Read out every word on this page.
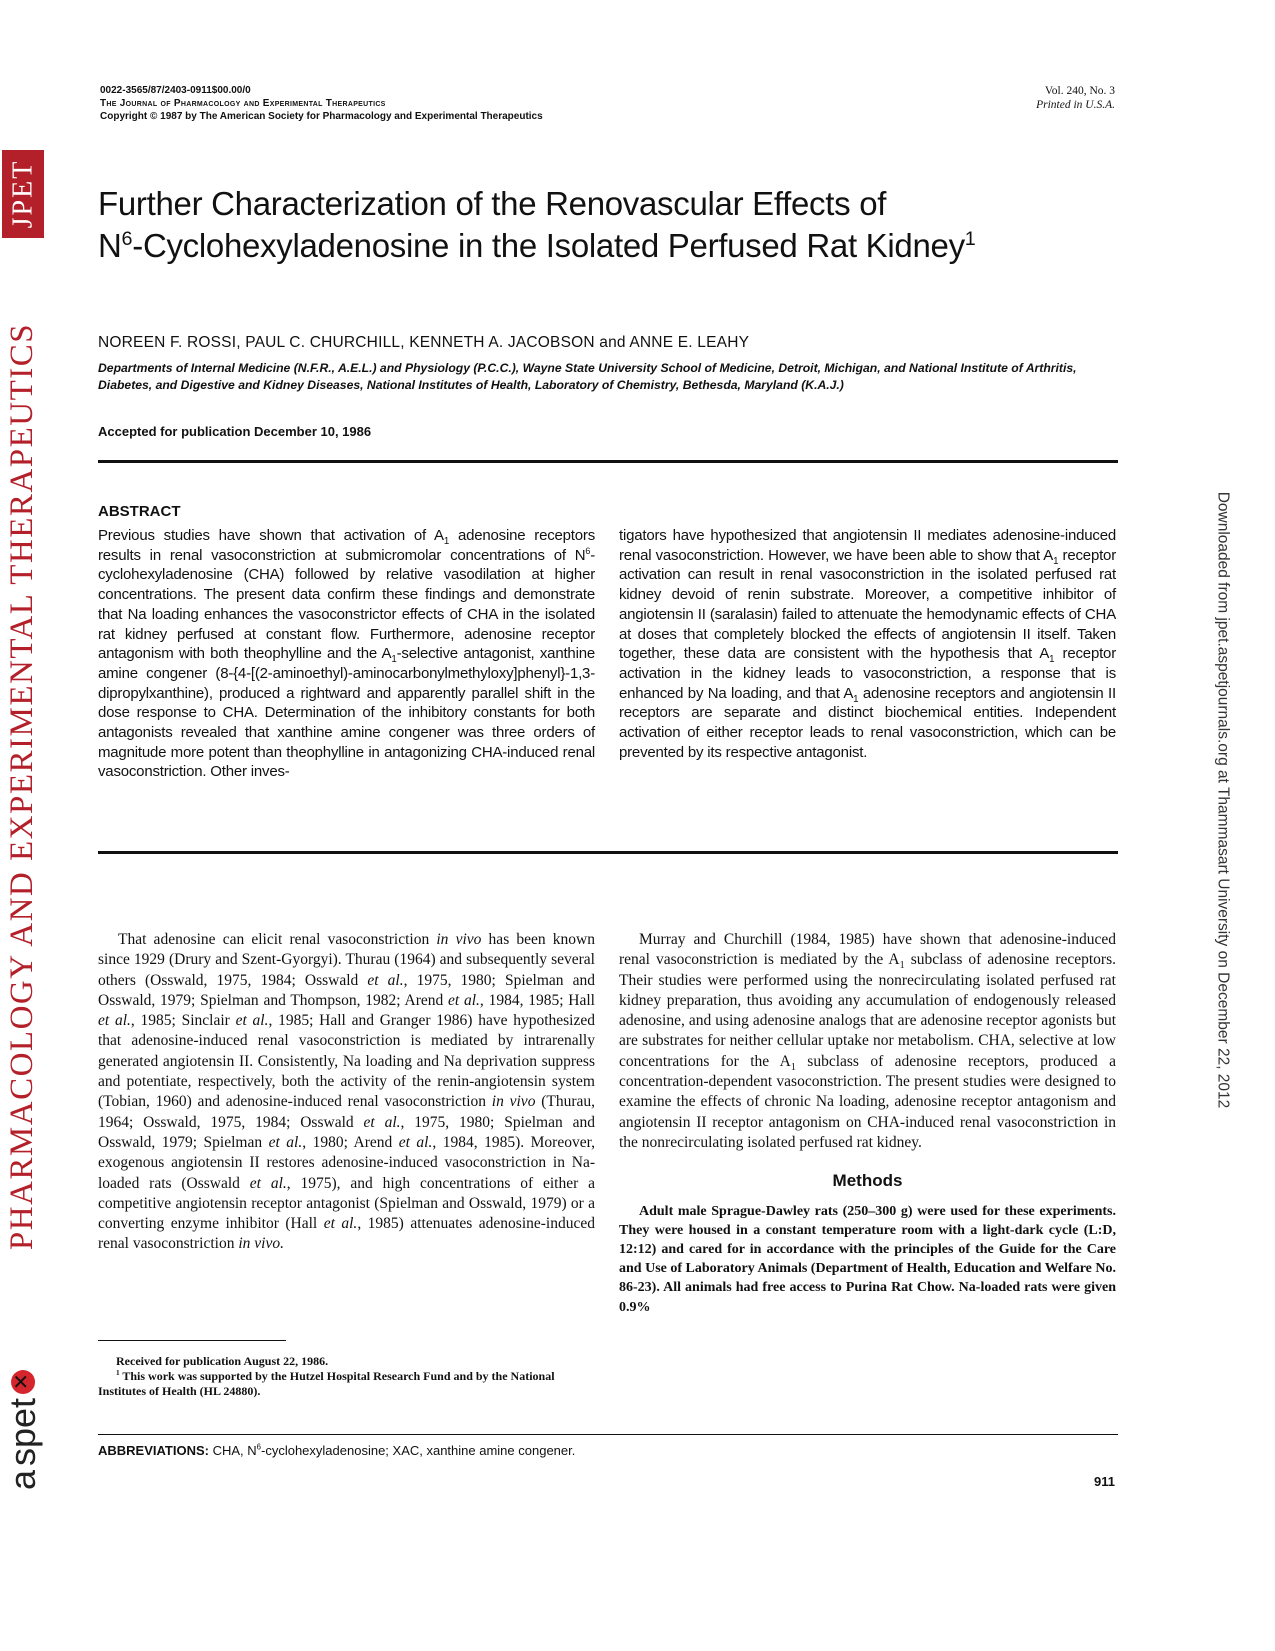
JPET
PHARMACOLOGY AND EXPERIMENTAL THERAPEUTICS
a
spet
✕
Downloaded from jpet.aspetjournals.org at Thammasart University on December 22, 2012
0022-3565/87/2403-0911$00.00/0
The Journal of Pharmacology and Experimental Therapeutics
Copyright © 1987 by The American Society for Pharmacology and Experimental Therapeutics
Vol. 240, No. 3
Printed in U.S.A.
Further Characterization of the Renovascular Effects of
$N^6$-Cyclohexyladenosine in the Isolated Perfused Rat Kidney$^1$
NOREEN F. ROSSI, PAUL C. CHURCHILL, KENNETH A. JACOBSON and ANNE E. LEAHY
Departments of Internal Medicine (N.F.R., A.E.L.) and Physiology (P.C.C.), Wayne State University School of Medicine, Detroit, Michigan, and National Institute of Arthritis, Diabetes, and Digestive and Kidney Diseases, National Institutes of Health, Laboratory of Chemistry, Bethesda, Maryland (K.A.J.)
Accepted for publication December 10, 1986
ABSTRACT

Previous studies have shown that activation of $A_1$ adenosine receptors results in renal vasoconstriction at submicromolar concentrations of $N^6$-cyclohexyladenosine (CHA) followed by relative vasodilation at higher concentrations. The present data confirm these findings and demonstrate that Na loading enhances the vasoconstrictor effects of CHA in the isolated rat kidney perfused at constant flow. Furthermore, adenosine receptor antagonism with both theophylline and the $A_1$-selective antagonist, xanthine amine congener (8-{4-[(2-aminoethyl)-aminocarbonylmethyloxy]phenyl}-1,3-dipropylxanthine), produced a rightward and apparently parallel shift in the dose response to CHA. Determination of the inhibitory constants for both antagonists revealed that xanthine amine congener was three orders of magnitude more potent than theophylline in antagonizing CHA-induced renal vasoconstriction. Other inves-

tigators have hypothesized that angiotensin II mediates adenosine-induced renal vasoconstriction. However, we have been able to show that $A_1$ receptor activation can result in renal vasoconstriction in the isolated perfused rat kidney devoid of renin substrate. Moreover, a competitive inhibitor of angiotensin II (saralasin) failed to attenuate the hemodynamic effects of CHA at doses that completely blocked the effects of angiotensin II itself. Taken together, these data are consistent with the hypothesis that $A_1$ receptor activation in the kidney leads to vasoconstriction, a response that is enhanced by Na loading, and that $A_1$ adenosine receptors and angiotensin II receptors are separate and distinct biochemical entities. Independent activation of either receptor leads to renal vasoconstriction, which can be prevented by its respective antagonist.

That adenosine can elicit renal vasoconstriction in vivo has been known since 1929 (Drury and Szent-Gyorgyi). Thurau (1964) and subsequently several others (Osswald, 1975, 1984; Osswald et al., 1975, 1980; Spielman and Osswald, 1979; Spielman and Thompson, 1982; Arend et al., 1984, 1985; Hall et al., 1985; Sinclair et al., 1985; Hall and Granger 1986) have hypothesized that adenosine-induced renal vasoconstriction is mediated by intrarenally generated angiotensin II. Consistently, Na loading and Na deprivation suppress and potentiate, respectively, both the activity of the renin-angiotensin system (Tobian, 1960) and adenosine-induced renal vasoconstriction in vivo (Thurau, 1964; Osswald, 1975, 1984; Osswald et al., 1975, 1980; Spielman and Osswald, 1979; Spielman et al., 1980; Arend et al., 1984, 1985). Moreover, exogenous angiotensin II restores adenosine-induced vasoconstriction in Na-loaded rats (Osswald et al., 1975), and high concentrations of either a competitive angiotensin receptor antagonist (Spielman and Osswald, 1979) or a converting enzyme inhibitor (Hall et al., 1985) attenuates adenosine-induced renal vasoconstriction in vivo.

Murray and Churchill (1984, 1985) have shown that adenosine-induced renal vasoconstriction is mediated by the $A_1$ subclass of adenosine receptors. Their studies were performed using the nonrecirculating isolated perfused rat kidney preparation, thus avoiding any accumulation of endogenously released adenosine, and using adenosine analogs that are adenosine receptor agonists but are substrates for neither cellular uptake nor metabolism. CHA, selective at low concentrations for the $A_1$ subclass of adenosine receptors, produced a concentration-dependent vasoconstriction. The present studies were designed to examine the effects of chronic Na loading, adenosine receptor antagonism and angiotensin II receptor antagonism on CHA-induced renal vasoconstriction in the nonrecirculating isolated perfused rat kidney.

Methods

Adult male Sprague-Dawley rats (250–300 g) were used for these experiments. They were housed in a constant temperature room with a light-dark cycle (L:D, 12:12) and cared for in accordance with the principles of the Guide for the Care and Use of Laboratory Animals (Department of Health, Education and Welfare No. 86-23). All animals had free access to Purina Rat Chow. Na-loaded rats were given 0.9%

Received for publication August 22, 1986.

$^1$ This work was supported by the Hutzel Hospital Research Fund and by the National Institutes of Health (HL 24880).

ABBREVIATIONS: CHA, $N^6$-cyclohexyladenosine; XAC, xanthine amine congener.
911
